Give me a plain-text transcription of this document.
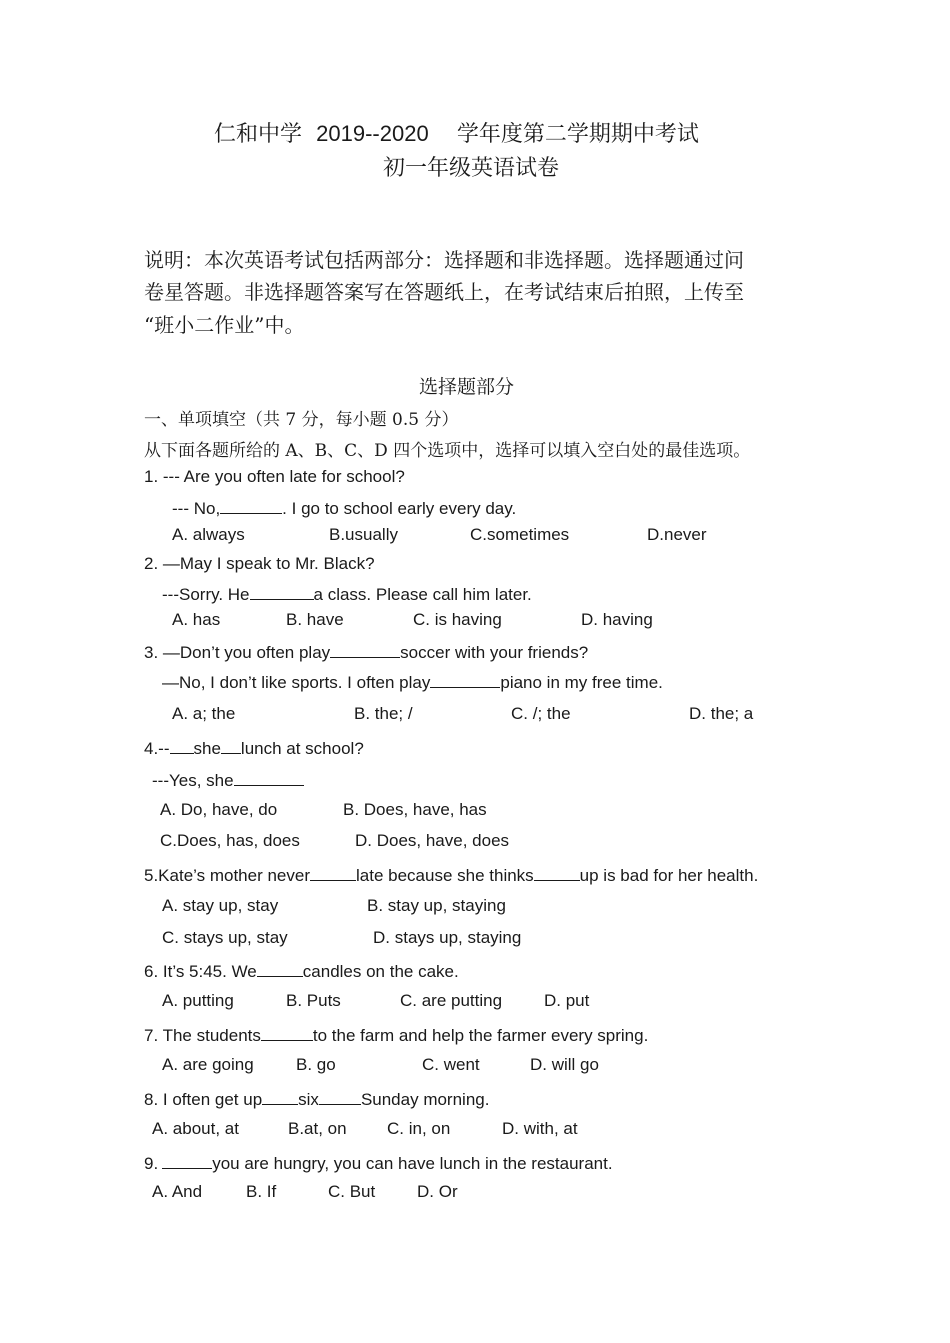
仁和中学 2019--2020 学年度第二学期期中考试
初一年级英语试卷
说明：本次英语考试包括两部分：选择题和非选择题。选择题通过问
卷星答题。非选择题答案写在答题纸上，在考试结束后拍照，上传至
“班小二作业”中。
选择题部分
一、单项填空（共 7 分，每小题 0.5 分）
从下面各题所给的 A、B、C、D 四个选项中，选择可以填入空白处的最佳选项。
1. --- Are you often late for school?
--- No,	. I go to school early every day.
A. always	B.usually	C.sometimes	D.never
2. —May I speak to Mr. Black?
---Sorry. He	a class. Please call him later.
A. has	B. have	C. is having	D. having
3. —Don’t you often play	soccer with your friends?
—No, I don’t like sports. I often play	piano in my free time.
A. a; the	B. the; /	C. /; the	D. the; a
4.-- she lunch at school?
---Yes, she
A. Do, have, do	B. Does, have, has
C.Does, has, does	D. Does, have, does
5.Kate’s mother never	late because she thinks	up is bad for her health.
A. stay up, stay	B. stay up, staying
C. stays up, stay	D. stays up, staying
6. It’s 5:45. We	candles on the cake.
A. putting	B. Puts	C. are putting D. put
7. The students	to the farm and help the farmer every spring.
A. are going B. go	C. went	D. will go
8. I often get up six Sunday morning.
A. about, at	B.at, on C. in, on	D. with, at
9.	you are hungry, you can have lunch in the restaurant.
A. And	B. If	C. But D. Or
